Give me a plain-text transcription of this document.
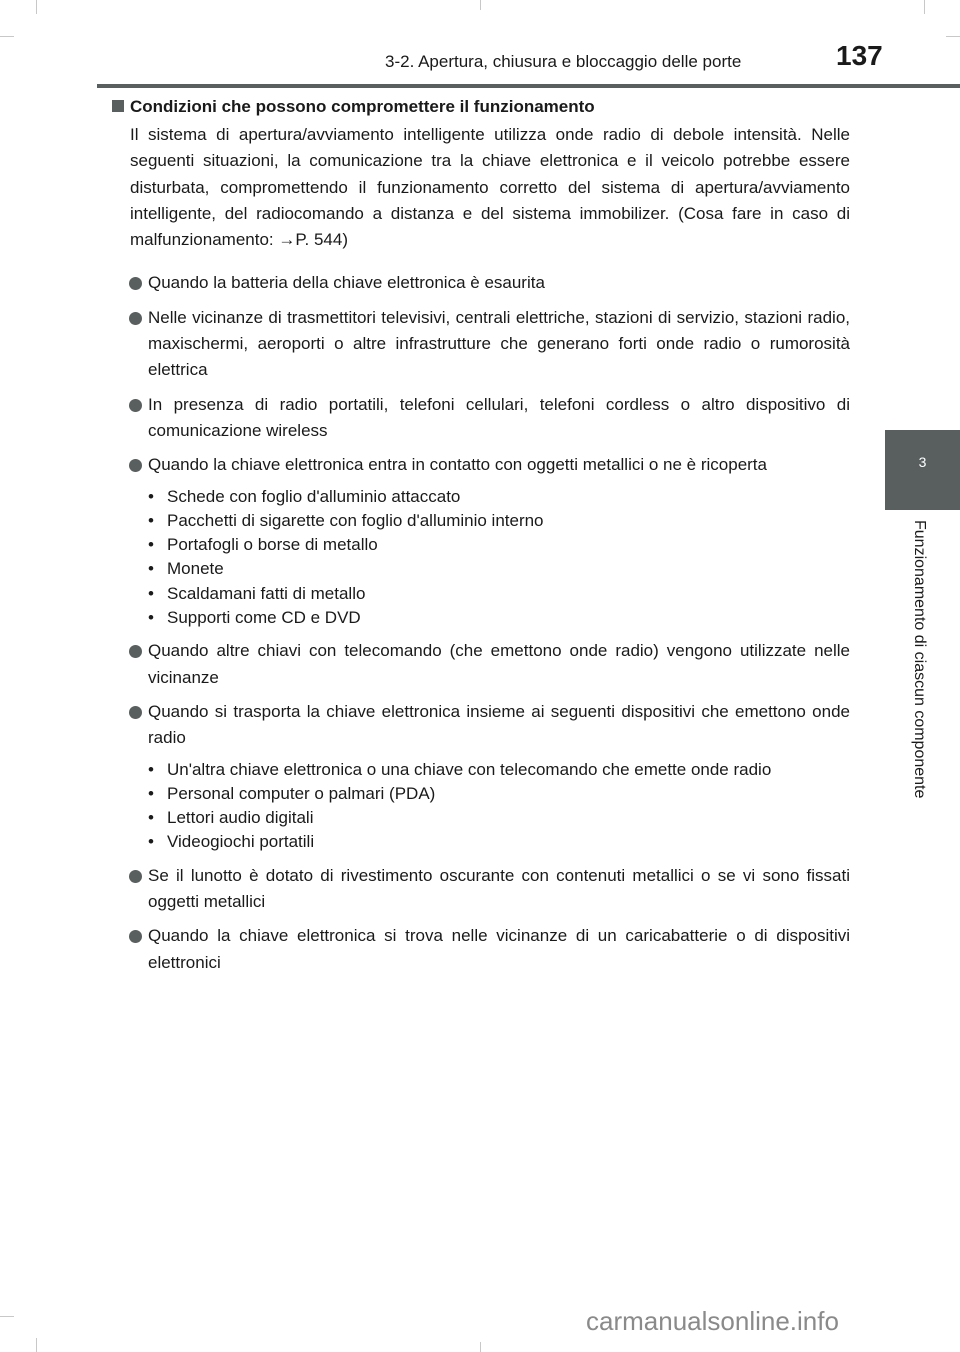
3-2. Apertura, chiusura e bloccaggio delle porte	137
3
Funzionamento di ciascun componente
Condizioni che possono compromettere il funzionamento

Il sistema di apertura/avviamento intelligente utilizza onde radio di debole intensità. Nelle seguenti situazioni, la comunicazione tra la chiave elettronica e il veicolo potrebbe essere disturbata, compromettendo il funzionamento corretto del sistema di apertura/avviamento intelligente, del radiocomando a distanza e del sistema immobilizer. (Cosa fare in caso di malfunzionamento: →P. 544)

Quando la batteria della chiave elettronica è esaurita
Nelle vicinanze di trasmettitori televisivi, centrali elettriche, stazioni di servizio, stazioni radio, maxischermi, aeroporti o altre infrastrutture che generano forti onde radio o rumorosità elettrica
In presenza di radio portatili, telefoni cellulari, telefoni cordless o altro dispositivo di comunicazione wireless
Quando la chiave elettronica entra in contatto con oggetti metallici o ne è ricoperta
• Schede con foglio d'alluminio attaccato
• Pacchetti di sigarette con foglio d'alluminio interno
• Portafogli o borse di metallo
• Monete
• Scaldamani fatti di metallo
• Supporti come CD e DVD
Quando altre chiavi con telecomando (che emettono onde radio) vengono utilizzate nelle vicinanze
Quando si trasporta la chiave elettronica insieme ai seguenti dispositivi che emettono onde radio
• Un'altra chiave elettronica o una chiave con telecomando che emette onde radio
• Personal computer o palmari (PDA)
• Lettori audio digitali
• Videogiochi portatili
Se il lunotto è dotato di rivestimento oscurante con contenuti metallici o se vi sono fissati oggetti metallici
Quando la chiave elettronica si trova nelle vicinanze di un caricabatterie o di dispositivi elettronici
carmanualsonline.info
